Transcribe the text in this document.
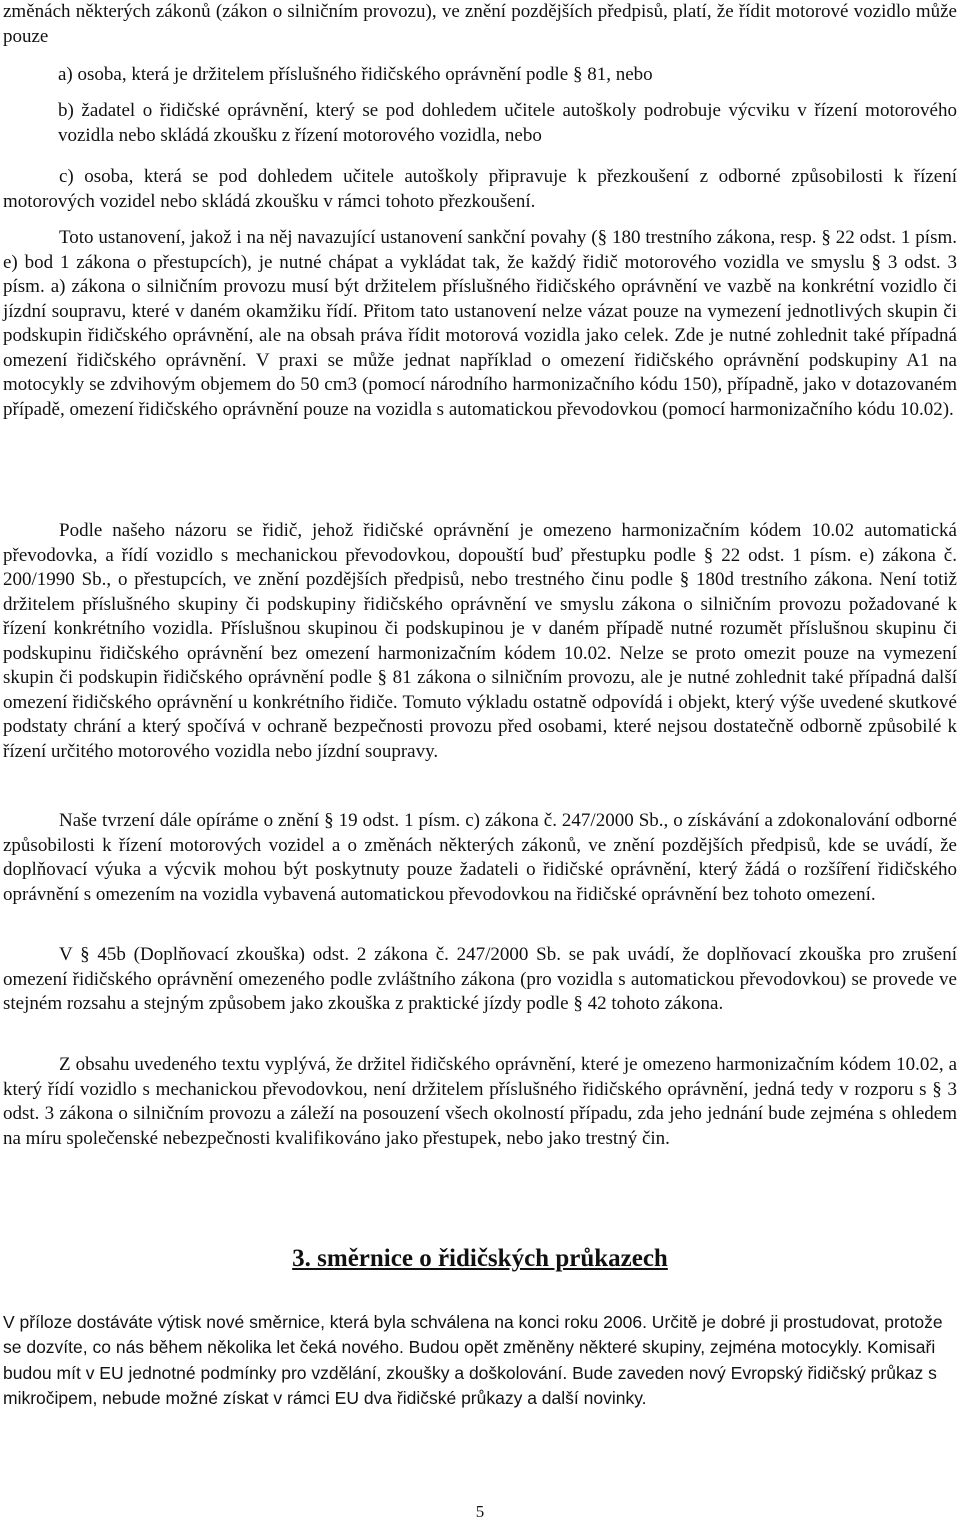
změnách některých zákonů (zákon o silničním provozu), ve znění pozdějších předpisů, platí, že řídit motorové vozidlo může pouze

a) osoba, která je držitelem příslušného řidičského oprávnění podle § 81, nebo

b) žadatel o řidičské oprávnění, který se pod dohledem učitele autoškoly podrobuje výcviku v řízení motorového vozidla nebo skládá zkoušku z řízení motorového vozidla, nebo

c) osoba, která se pod dohledem učitele autoškoly připravuje k přezkoušení z odborné způsobilosti k řízení motorových vozidel nebo skládá zkoušku v rámci tohoto přezkoušení.

Toto ustanovení, jakož i na něj navazující ustanovení sankční povahy (§ 180 trestního zákona, resp. § 22 odst. 1 písm. e) bod 1 zákona o přestupcích), je nutné chápat a vykládat tak, že každý řidič motorového vozidla ve smyslu § 3 odst. 3 písm. a) zákona o silničním provozu musí být držitelem příslušného řidičského oprávnění ve vazbě na konkrétní vozidlo či jízdní soupravu, které v daném okamžiku řídí. Přitom tato ustanovení nelze vázat pouze na vymezení jednotlivých skupin či podskupin řidičského oprávnění, ale na obsah práva řídit motorová vozidla jako celek. Zde je nutné zohlednit také případná omezení řidičského oprávnění. V praxi se může jednat například o omezení řidičského oprávnění podskupiny A1 na motocykly se zdvihovým objemem do 50 cm3 (pomocí národního harmonizačního kódu 150), případně, jako v dotazovaném případě, omezení řidičského oprávnění pouze na vozidla s automatickou převodovkou (pomocí harmonizačního kódu 10.02).

Podle našeho názoru se řidič, jehož řidičské oprávnění je omezeno harmonizačním kódem 10.02 automatická převodovka, a řídí vozidlo s mechanickou převodovkou, dopouští buď přestupku podle § 22 odst. 1 písm. e) zákona č. 200/1990 Sb., o přestupcích, ve znění pozdějších předpisů, nebo trestného činu podle § 180d trestního zákona. Není totiž držitelem příslušného skupiny či podskupiny řidičského oprávnění ve smyslu zákona o silničním provozu požadované k řízení konkrétního vozidla. Příslušnou skupinou či podskupinou je v daném případě nutné rozumět příslušnou skupinu či podskupinu řidičského oprávnění bez omezení harmonizačním kódem 10.02. Nelze se proto omezit pouze na vymezení skupin či podskupin řidičského oprávnění podle § 81 zákona o silničním provozu, ale je nutné zohlednit také případná další omezení řidičského oprávnění u konkrétního řidiče. Tomuto výkladu ostatně odpovídá i objekt, který výše uvedené skutkové podstaty chrání a který spočívá v ochraně bezpečnosti provozu před osobami, které nejsou dostatečně odborně způsobilé k řízení určitého motorového vozidla nebo jízdní soupravy.

Naše tvrzení dále opíráme o znění § 19 odst. 1 písm. c) zákona č. 247/2000 Sb., o získávání a zdokonalování odborné způsobilosti k řízení motorových vozidel a o změnách některých zákonů, ve znění pozdějších předpisů, kde se uvádí, že doplňovací výuka a výcvik mohou být poskytnuty pouze žadateli o řidičské oprávnění, který žádá o rozšíření řidičského oprávnění s omezením na vozidla vybavená automatickou převodovkou na řidičské oprávnění bez tohoto omezení.

V § 45b (Doplňovací zkouška) odst. 2 zákona č. 247/2000 Sb. se pak uvádí, že doplňovací zkouška pro zrušení omezení řidičského oprávnění omezeného podle zvláštního zákona (pro vozidla s automatickou převodovkou) se provede ve stejném rozsahu a stejným způsobem jako zkouška z praktické jízdy podle § 42 tohoto zákona.

Z obsahu uvedeného textu vyplývá, že držitel řidičského oprávnění, které je omezeno harmonizačním kódem 10.02, a který řídí vozidlo s mechanickou převodovkou, není držitelem příslušného řidičského oprávnění, jedná tedy v rozporu s § 3 odst. 3 zákona o silničním provozu a záleží na posouzení všech okolností případu, zda jeho jednání bude zejména s ohledem na míru společenské nebezpečnosti kvalifikováno jako přestupek, nebo jako trestný čin.

3. směrnice o řidičských průkazech

V příloze dostáváte výtisk nové směrnice, která byla schválena na konci roku 2006. Určitě je dobré ji prostudovat, protože se dozvíte, co nás během několika let čeká nového. Budou opět změněny některé skupiny, zejména motocykly. Komisaři budou mít v EU jednotné podmínky pro vzdělání, zkoušky a doškolování. Bude zaveden nový Evropský řidičský průkaz s mikročipem, nebude možné získat v rámci EU dva řidičské průkazy a další novinky.

5
